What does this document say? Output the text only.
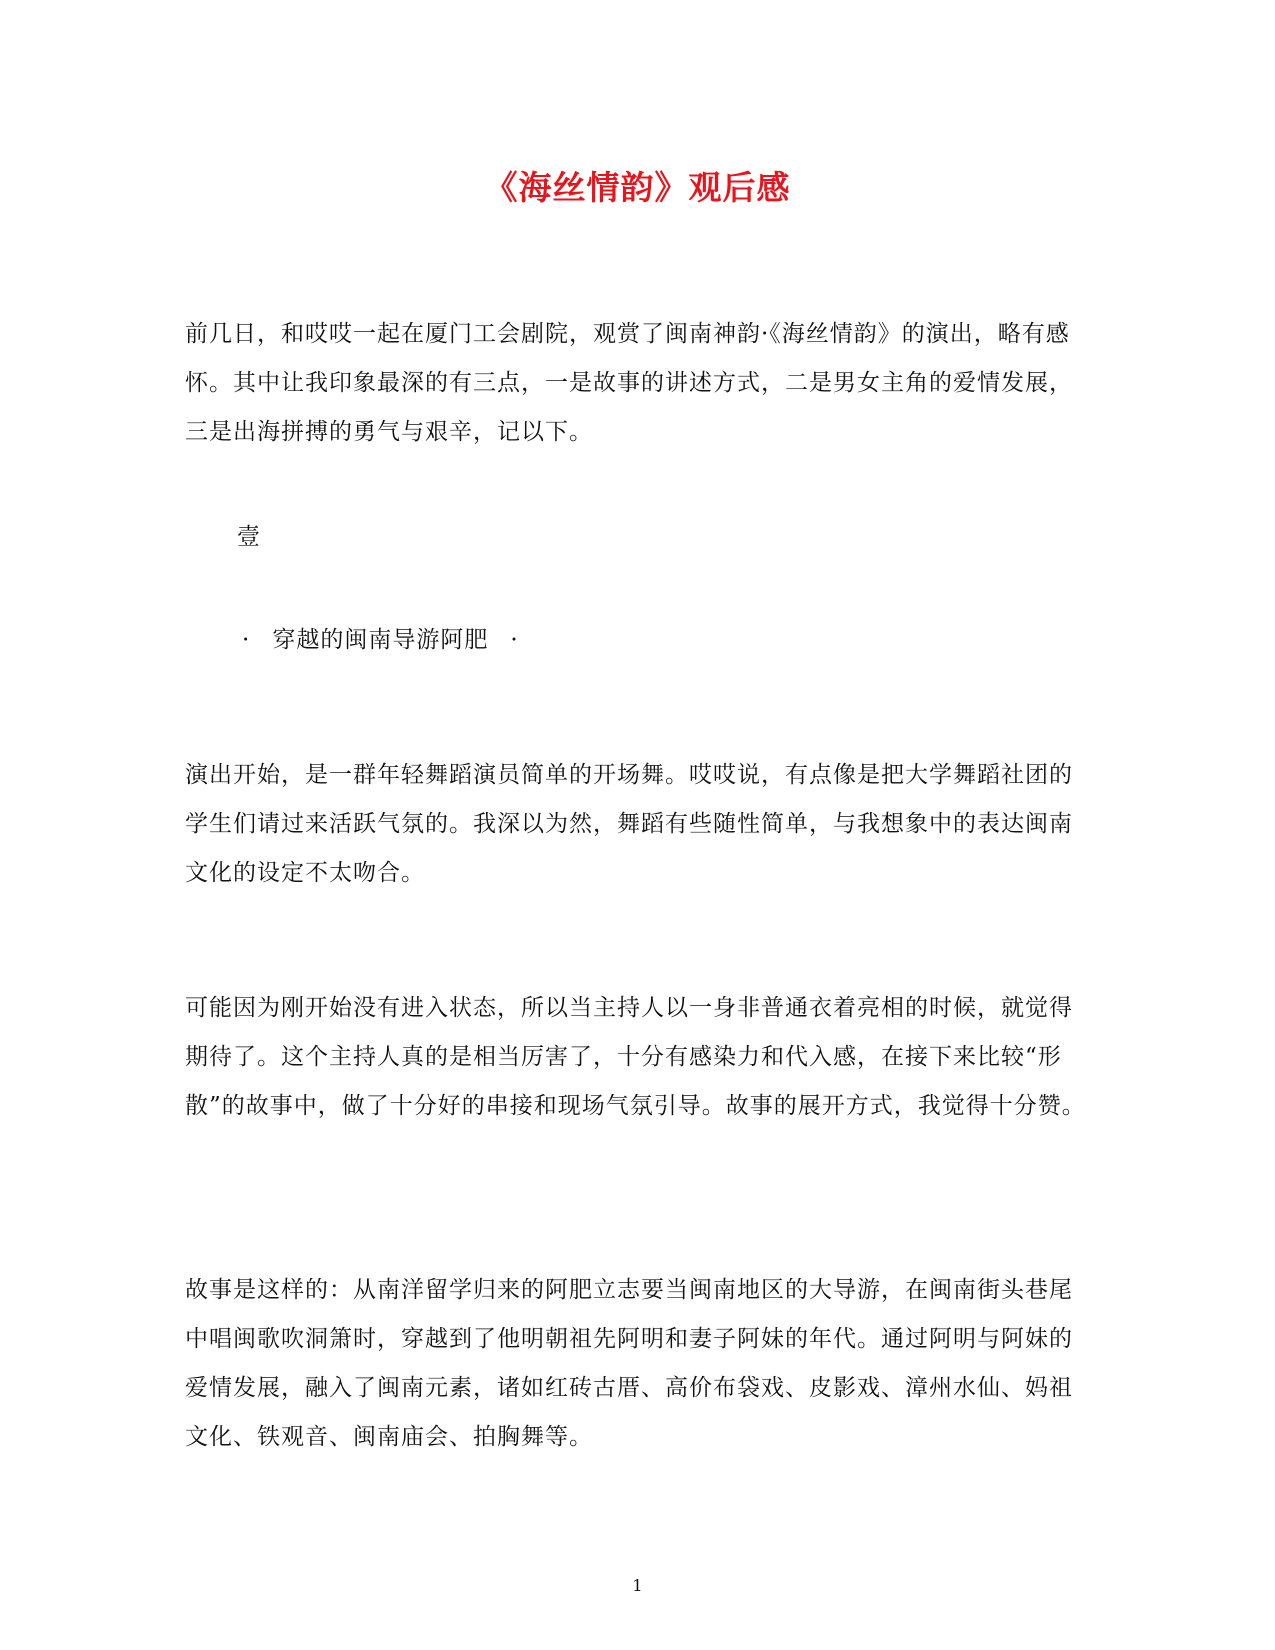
《海丝情韵》观后感

前几日，和哎哎一起在厦门工会剧院，观赏了闽南神韵·《海丝情韵》的演出，略有感怀。其中让我印象最深的有三点，一是故事的讲述方式，二是男女主角的爱情发展，三是出海拼搏的勇气与艰辛，记以下。

壹
· 穿越的闽南导游阿肥 ·

演出开始，是一群年轻舞蹈演员简单的开场舞。哎哎说，有点像是把大学舞蹈社团的学生们请过来活跃气氛的。我深以为然，舞蹈有些随性简单，与我想象中的表达闽南文化的设定不太吻合。

可能因为刚开始没有进入状态，所以当主持人以一身非普通衣着亮相的时候，就觉得期待了。这个主持人真的是相当厉害了，十分有感染力和代入感，在接下来比较“形散”的故事中，做了十分好的串接和现场气氛引导。故事的展开方式，我觉得十分赞。

故事是这样的：从南洋留学归来的阿肥立志要当闽南地区的大导游，在闽南街头巷尾中唱闽歌吹洞箫时，穿越到了他明朝祖先阿明和妻子阿妹的年代。通过阿明与阿妹的爱情发展，融入了闽南元素，诸如红砖古厝、高价布袋戏、皮影戏、漳州水仙、妈祖文化、铁观音、闽南庙会、拍胸舞等。

1
